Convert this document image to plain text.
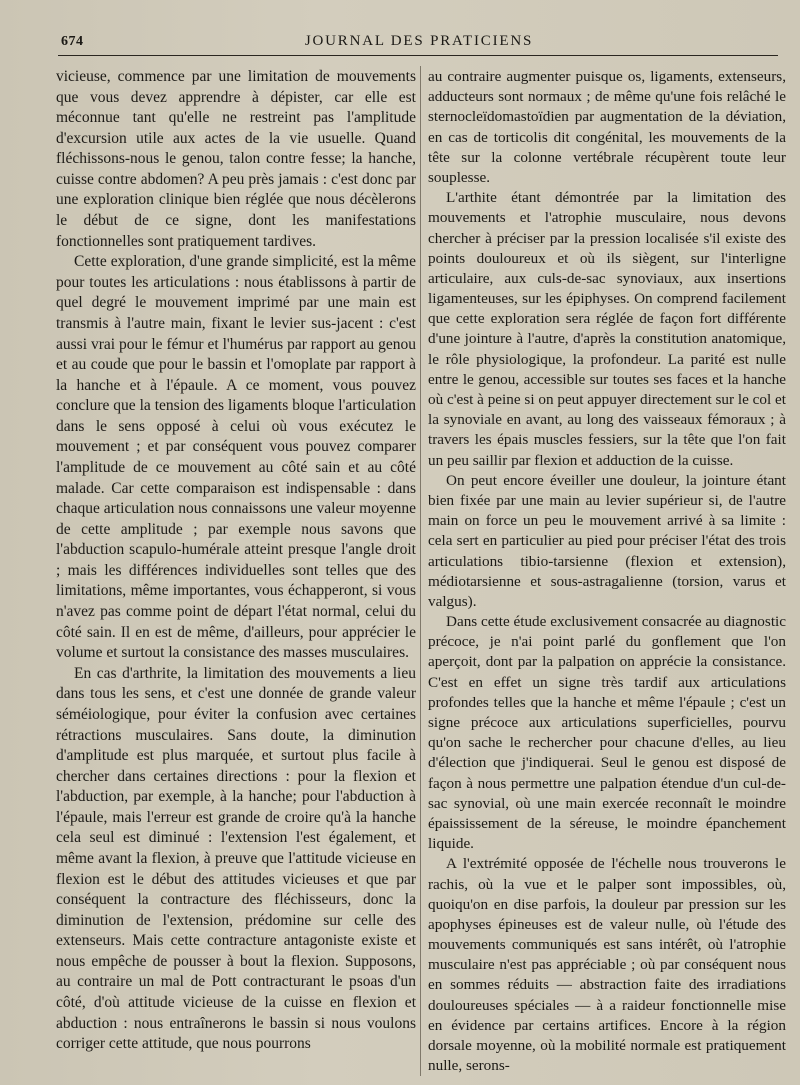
674	JOURNAL DES PRATICIENS

vicieuse, commence par une limitation de mouvements que vous devez apprendre à dépister, car elle est méconnue tant qu'elle ne restreint pas l'amplitude d'excursion utile aux actes de la vie usuelle. Quand fléchissons-nous le genou, talon contre fesse; la hanche, cuisse contre abdomen? A peu près jamais : c'est donc par une exploration clinique bien réglée que nous décèlerons le début de ce signe, dont les manifestations fonctionnelles sont pratiquement tardives.

Cette exploration, d'une grande simplicité, est la même pour toutes les articulations : nous établissons à partir de quel degré le mouvement imprimé par une main est transmis à l'autre main, fixant le levier sus-jacent : c'est aussi vrai pour le fémur et l'humérus par rapport au genou et au coude que pour le bassin et l'omoplate par rapport à la hanche et à l'épaule. A ce moment, vous pouvez conclure que la tension des ligaments bloque l'articulation dans le sens opposé à celui où vous exécutez le mouvement ; et par conséquent vous pouvez comparer l'amplitude de ce mouvement au côté sain et au côté malade. Car cette comparaison est indispensable : dans chaque articulation nous connaissons une valeur moyenne de cette amplitude ; par exemple nous savons que l'abduction scapulo-humérale atteint presque l'angle droit ; mais les différences individuelles sont telles que des limitations, même importantes, vous échapperont, si vous n'avez pas comme point de départ l'état normal, celui du côté sain. Il en est de même, d'ailleurs, pour apprécier le volume et surtout la consistance des masses musculaires.

En cas d'arthrite, la limitation des mouvements a lieu dans tous les sens, et c'est une donnée de grande valeur séméiologique, pour éviter la confusion avec certaines rétractions musculaires. Sans doute, la diminution d'amplitude est plus marquée, et surtout plus facile à chercher dans certaines directions : pour la flexion et l'abduction, par exemple, à la hanche; pour l'abduction à l'épaule, mais l'erreur est grande de croire qu'à la hanche cela seul est diminué : l'extension l'est également, et même avant la flexion, à preuve que l'attitude vicieuse en flexion est le début des attitudes vicieuses et que par conséquent la contracture des fléchisseurs, donc la diminution de l'extension, prédomine sur celle des extenseurs. Mais cette contracture antagoniste existe et nous empêche de pousser à bout la flexion. Supposons, au contraire un mal de Pott contracturant le psoas d'un côté, d'où attitude vicieuse de la cuisse en flexion et abduction : nous entraînerons le bassin si nous voulons corriger cette attitude, que nous pourrons

au contraire augmenter puisque os, ligaments, extenseurs, adducteurs sont normaux ; de même qu'une fois relâché le sternocleïdomastoïdien par augmentation de la déviation, en cas de torticolis dit congénital, les mouvements de la tête sur la colonne vertébrale récupèrent toute leur souplesse.

L'arthite étant démontrée par la limitation des mouvements et l'atrophie musculaire, nous devons chercher à préciser par la pression localisée s'il existe des points douloureux et où ils siègent, sur l'interligne articulaire, aux culs-de-sac synoviaux, aux insertions ligamenteuses, sur les épiphyses. On comprend facilement que cette exploration sera réglée de façon fort différente d'une jointure à l'autre, d'après la constitution anatomique, le rôle physiologique, la profondeur. La parité est nulle entre le genou, accessible sur toutes ses faces et la hanche où c'est à peine si on peut appuyer directement sur le col et la synoviale en avant, au long des vaisseaux fémoraux ; à travers les épais muscles fessiers, sur la tête que l'on fait un peu saillir par flexion et adduction de la cuisse.

On peut encore éveiller une douleur, la jointure étant bien fixée par une main au levier supérieur si, de l'autre main on force un peu le mouvement arrivé à sa limite : cela sert en particulier au pied pour préciser l'état des trois articulations tibio-tarsienne (flexion et extension), médiotarsienne et sous-astragalienne (torsion, varus et valgus).

Dans cette étude exclusivement consacrée au diagnostic précoce, je n'ai point parlé du gonflement que l'on aperçoit, dont par la palpation on apprécie la consistance. C'est en effet un signe très tardif aux articulations profondes telles que la hanche et même l'épaule ; c'est un signe précoce aux articulations superficielles, pourvu qu'on sache le rechercher pour chacune d'elles, au lieu d'élection que j'indiquerai. Seul le genou est disposé de façon à nous permettre une palpation étendue d'un cul-de-sac synovial, où une main exercée reconnaît le moindre épaississement de la séreuse, le moindre épanchement liquide.

A l'extrémité opposée de l'échelle nous trouverons le rachis, où la vue et le palper sont impossibles, où, quoiqu'on en dise parfois, la douleur par pression sur les apophyses épineuses est de valeur nulle, où l'étude des mouvements communiqués est sans intérêt, où l'atrophie musculaire n'est pas appréciable ; où par conséquent nous en sommes réduits — abstraction faite des irradiations douloureuses spéciales — à a raideur fonctionnelle mise en évidence par certains artifices. Encore à la région dorsale moyenne, où la mobilité normale est pratiquement nulle, serons-
